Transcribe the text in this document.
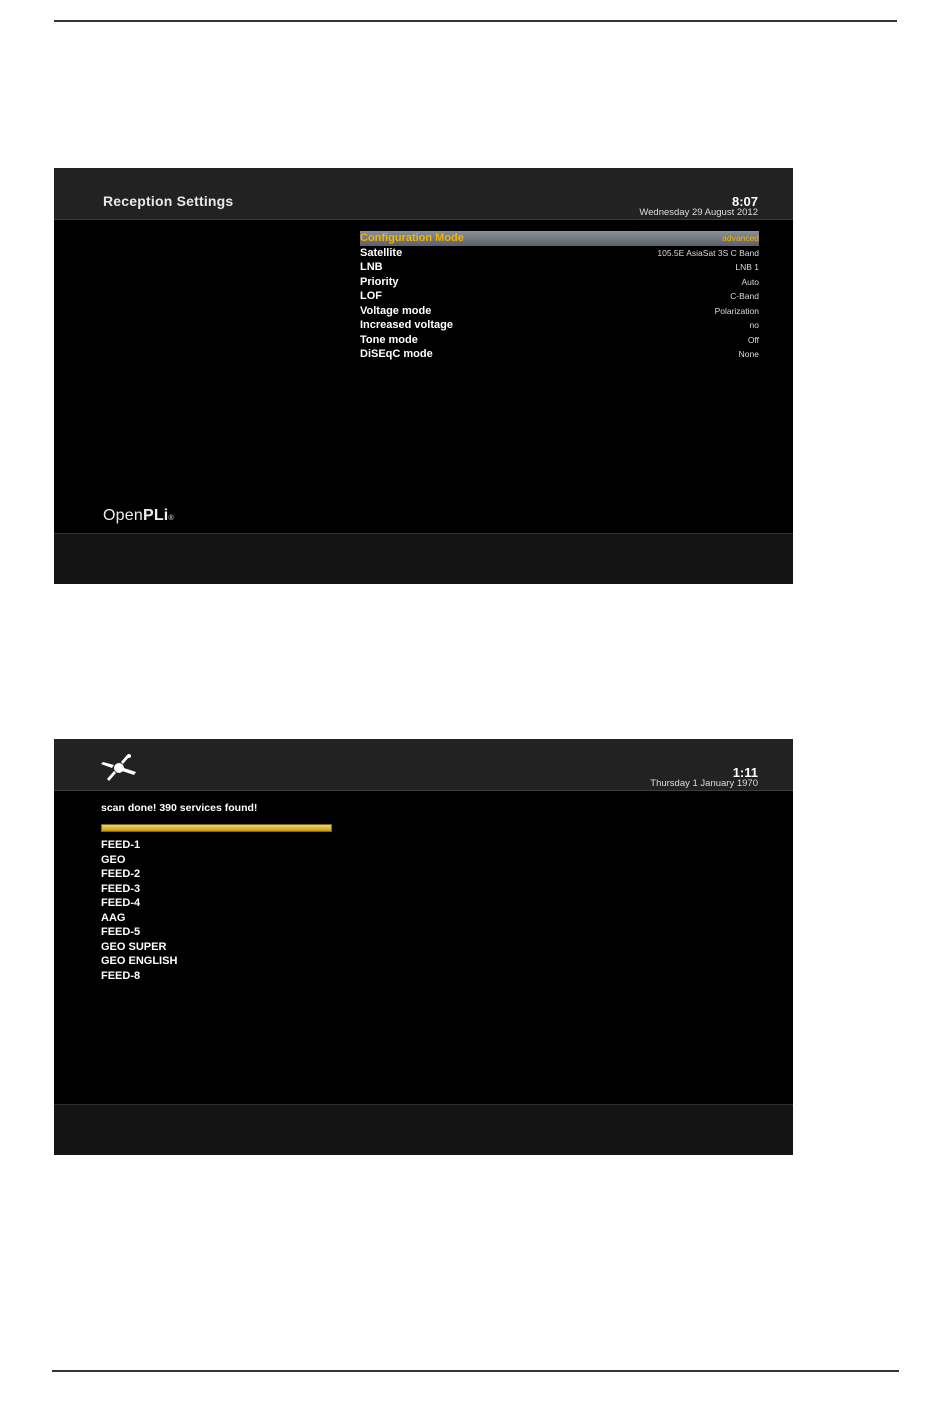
Reception Settings	8:07
Wednesday 29 August 2012
Configuration Mode	advanced
Satellite	105.5E AsiaSat 3S C Band
LNB	LNB 1
Priority	Auto
LOF	C-Band
Voltage mode	Polarization
Increased voltage	no
Tone mode	Off
DiSEqC mode	None
OpenPLi®
1:11
Thursday 1 January 1970
scan done! 390 services found!
FEED-1
GEO
FEED-2
FEED-3
FEED-4
AAG
FEED-5
GEO SUPER
GEO ENGLISH
FEED-8
